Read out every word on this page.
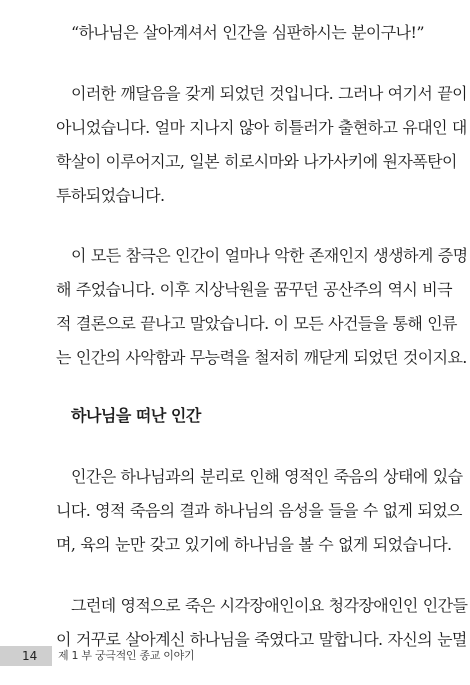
“하나님은 살아계셔서 인간을 심판하시는 분이구나!”
이러한 깨달음을 갖게 되었던 것입니다. 그러나 여기서 끝이
아니었습니다. 얼마 지나지 않아 히틀러가 출현하고 유대인 대
학살이 이루어지고, 일본 히로시마와 나가사키에 원자폭탄이
투하되었습니다.
이 모든 참극은 인간이 얼마나 악한 존재인지 생생하게 증명
해 주었습니다. 이후 지상낙원을 꿈꾸던 공산주의 역시 비극
적 결론으로 끝나고 말았습니다. 이 모든 사건들을 통해 인류
는 인간의 사악함과 무능력을 철저히 깨닫게 되었던 것이지요.
하나님을 떠난 인간
인간은 하나님과의 분리로 인해 영적인 죽음의 상태에 있습
니다. 영적 죽음의 결과 하나님의 음성을 들을 수 없게 되었으
며, 육의 눈만 갖고 있기에 하나님을 볼 수 없게 되었습니다.
그런데 영적으로 죽은 시각장애인이요 청각장애인인 인간들
이 거꾸로 살아계신 하나님을 죽였다고 말합니다. 자신의 눈멀
14 제 1 부 궁극적인 종교 이야기
